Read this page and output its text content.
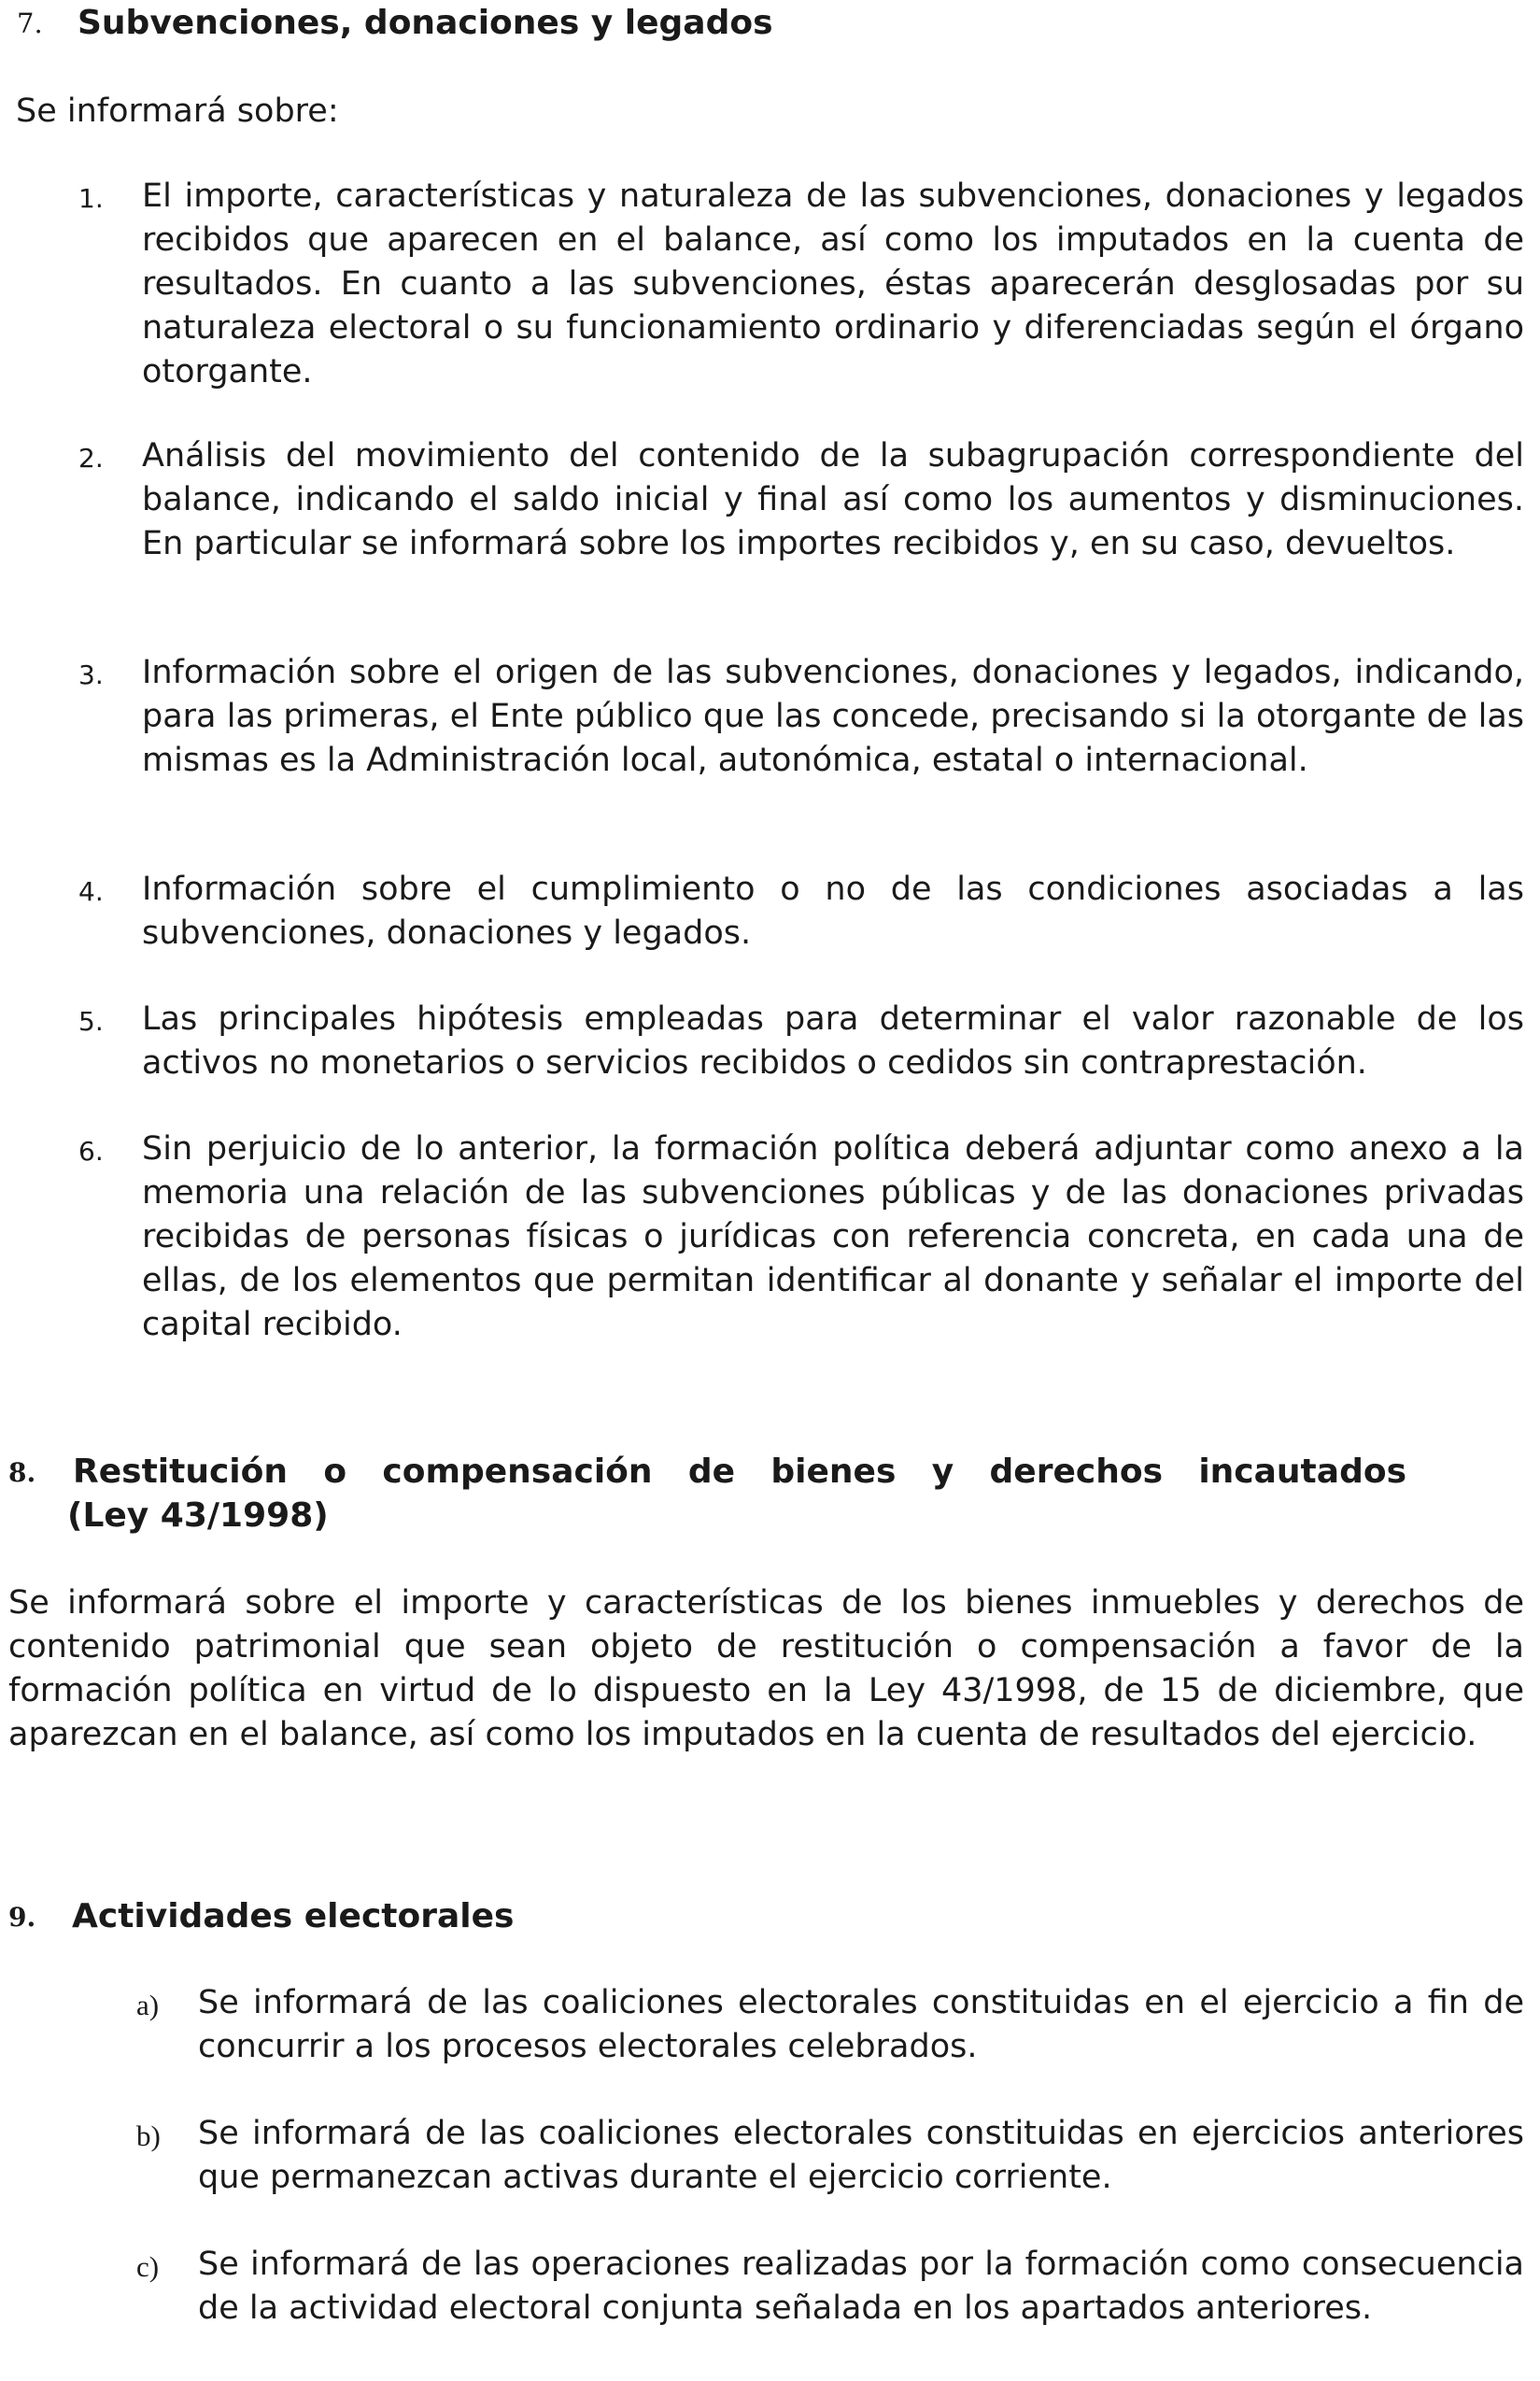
7. Subvenciones, donaciones y legados
Se informará sobre:
1. El importe, características y naturaleza de las subvenciones, donaciones y legados recibidos que aparecen en el balance, así como los imputados en la cuenta de resultados. En cuanto a las subvenciones, éstas aparecerán desglosadas por su naturaleza electoral o su funcionamiento ordinario y diferenciadas según el órgano otorgante.
2. Análisis del movimiento del contenido de la subagrupación correspondiente del balance, indicando el saldo inicial y final así como los aumentos y disminuciones. En particular se informará sobre los importes recibidos y, en su caso, devueltos.
3. Información sobre el origen de las subvenciones, donaciones y legados, indicando, para las primeras, el Ente público que las concede, precisando si la otorgante de las mismas es la Administración local, autonómica, estatal o internacional.
4. Información sobre el cumplimiento o no de las condiciones asociadas a las subvenciones, donaciones y legados.
5. Las principales hipótesis empleadas para determinar el valor razonable de los activos no monetarios o servicios recibidos o cedidos sin contraprestación.
6. Sin perjuicio de lo anterior, la formación política deberá adjuntar como anexo a la memoria una relación de las subvenciones públicas y de las donaciones privadas recibidas de personas físicas o jurídicas con referencia concreta, en cada una de ellas, de los elementos que permitan identificar al donante y señalar el importe del capital recibido.
8. Restitución o compensación de bienes y derechos incautados
(Ley 43/1998)
Se informará sobre el importe y características de los bienes inmuebles y derechos de contenido patrimonial que sean objeto de restitución o compensación a favor de la formación política en virtud de lo dispuesto en la Ley 43/1998, de 15 de diciembre, que aparezcan en el balance, así como los imputados en la cuenta de resultados del ejercicio.
9. Actividades electorales
a) Se informará de las coaliciones electorales constituidas en el ejercicio a fin de concurrir a los procesos electorales celebrados.
b) Se informará de las coaliciones electorales constituidas en ejercicios anteriores que permanezcan activas durante el ejercicio corriente.
c) Se informará de las operaciones realizadas por la formación como consecuencia de la actividad electoral conjunta señalada en los apartados anteriores.
